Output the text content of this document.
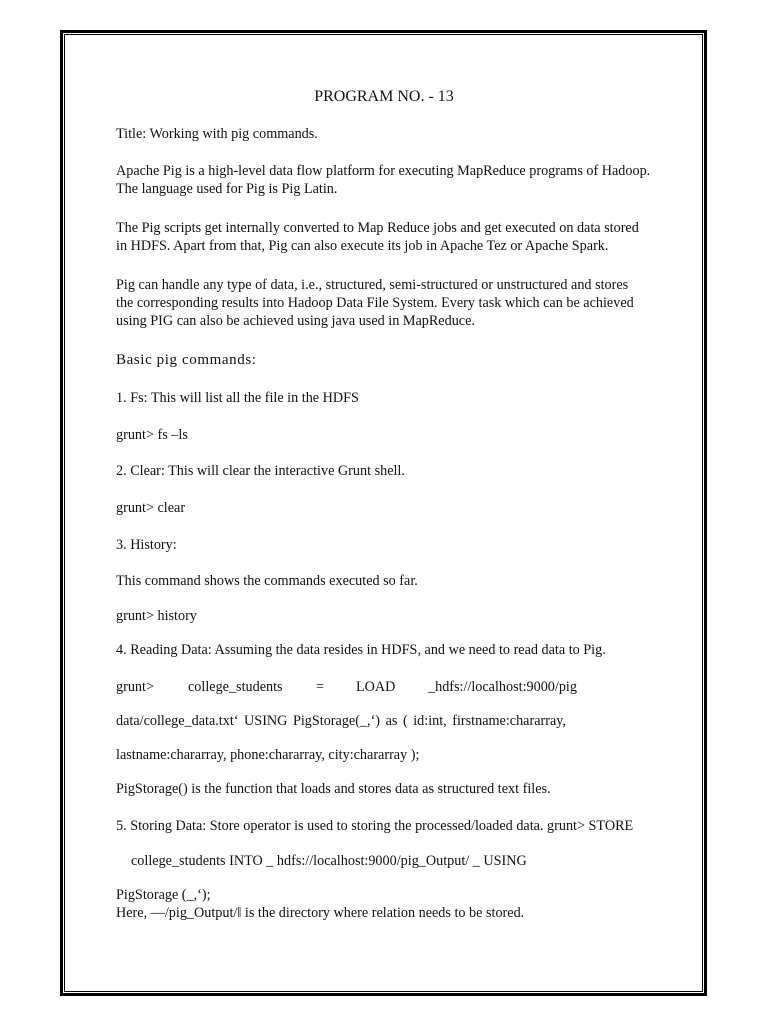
PROGRAM NO. - 13

Title: Working with pig commands.

Apache Pig is a high-level data flow platform for executing MapReduce programs of Hadoop.

The language used for Pig is Pig Latin.

The Pig scripts get internally converted to Map Reduce jobs and get executed on data stored

in HDFS. Apart from that, Pig can also execute its job in Apache Tez or Apache Spark.

Pig can handle any type of data, i.e., structured, semi-structured or unstructured and stores

the corresponding results into Hadoop Data File System. Every task which can be achieved

using PIG can also be achieved using java used in MapReduce.

Basic pig commands:

1. Fs: This will list all the file in the HDFS

grunt> fs –ls

2. Clear: This will clear the interactive Grunt shell.

grunt> clear

3. History:

This command shows the commands executed so far.

grunt> history

4. Reading Data: Assuming the data resides in HDFS, and we need to read data to Pig.

grunt> college_students = LOAD _hdfs://localhost:9000/pig

data/college_data.txt‘ USING PigStorage(_,‘) as ( id:int, firstname:chararray,

lastname:chararray, phone:chararray, city:chararray );

PigStorage() is the function that loads and stores data as structured text files.

5. Storing Data: Store operator is used to storing the processed/loaded data. grunt> STORE

college_students INTO _ hdfs://localhost:9000/pig_Output/ _ USING

PigStorage (_,‘);

Here, ―/pig_Output/‖ is the directory where relation needs to be stored.
